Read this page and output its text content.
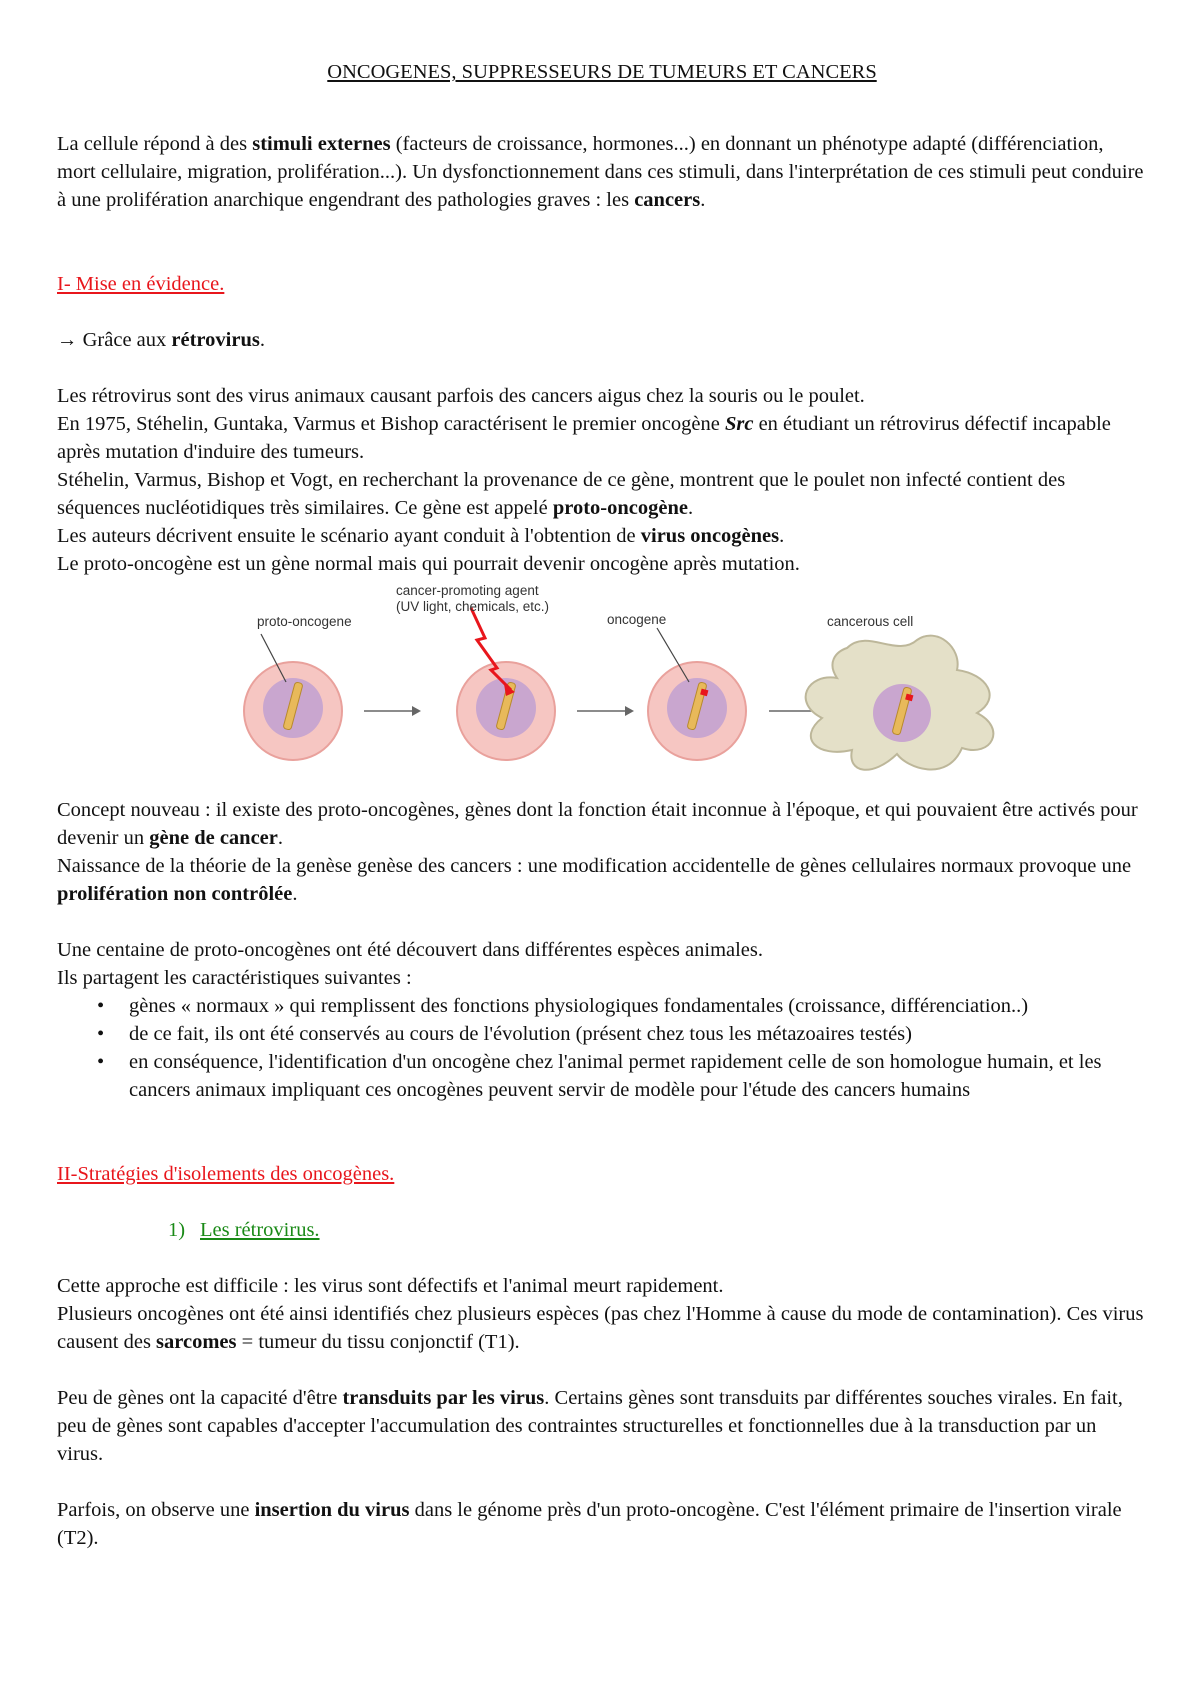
ONCOGENES, SUPPRESSEURS DE TUMEURS ET CANCERS

La cellule répond à des stimuli externes (facteurs de croissance, hormones...) en donnant un phénotype adapté (différenciation, mort cellulaire, migration, prolifération...). Un dysfonctionnement dans ces stimuli, dans l'interprétation de ces stimuli peut conduire à une prolifération anarchique engendrant des pathologies graves : les cancers.

I- Mise en évidence.

→ Grâce aux rétrovirus.

Les rétrovirus sont des virus animaux causant parfois des cancers aigus chez la souris ou le poulet.

En 1975, Stéhelin, Guntaka, Varmus et Bishop caractérisent le premier oncogène Src en étudiant un rétrovirus défectif incapable après mutation d'induire des tumeurs.

Stéhelin, Varmus, Bishop et Vogt, en recherchant la provenance de ce gène, montrent que le poulet non infecté contient des séquences nucléotidiques très similaires. Ce gène est appelé proto-oncogène.

Les auteurs décrivent ensuite le scénario ayant conduit à l'obtention de virus oncogènes.

Le proto-oncogène est un gène normal mais qui pourrait devenir oncogène après mutation.

proto-oncogene
cancer-promoting agent
(UV light, chemicals, etc.)
oncogene	cancerous cell

Concept nouveau : il existe des proto-oncogènes, gènes dont la fonction était inconnue à l'époque, et qui pouvaient être activés pour devenir un gène de cancer.

Naissance de la théorie de la genèse genèse des cancers : une modification accidentelle de gènes cellulaires normaux provoque une prolifération non contrôlée.

Une centaine de proto-oncogènes ont été découvert dans différentes espèces animales.

Ils partagent les caractéristiques suivantes :

• gènes « normaux » qui remplissent des fonctions physiologiques fondamentales (croissance, différenciation..)
• de ce fait, ils ont été conservés au cours de l'évolution (présent chez tous les métazoaires testés)
• en conséquence, l'identification d'un oncogène chez l'animal permet rapidement celle de son homologue humain, et les cancers animaux impliquant ces oncogènes peuvent servir de modèle pour l'étude des cancers humains

II-Stratégies d'isolements des oncogènes.

1) Les rétrovirus.

Cette approche est difficile : les virus sont défectifs et l'animal meurt rapidement.

Plusieurs oncogènes ont été ainsi identifiés chez plusieurs espèces (pas chez l'Homme à cause du mode de contamination). Ces virus causent des sarcomes = tumeur du tissu conjonctif (T1).

Peu de gènes ont la capacité d'être transduits par les virus. Certains gènes sont transduits par différentes souches virales. En fait, peu de gènes sont capables d'accepter l'accumulation des contraintes structurelles et fonctionnelles due à la transduction par un virus.

Parfois, on observe une insertion du virus dans le génome près d'un proto-oncogène. C'est l'élément primaire de l'insertion virale (T2).
